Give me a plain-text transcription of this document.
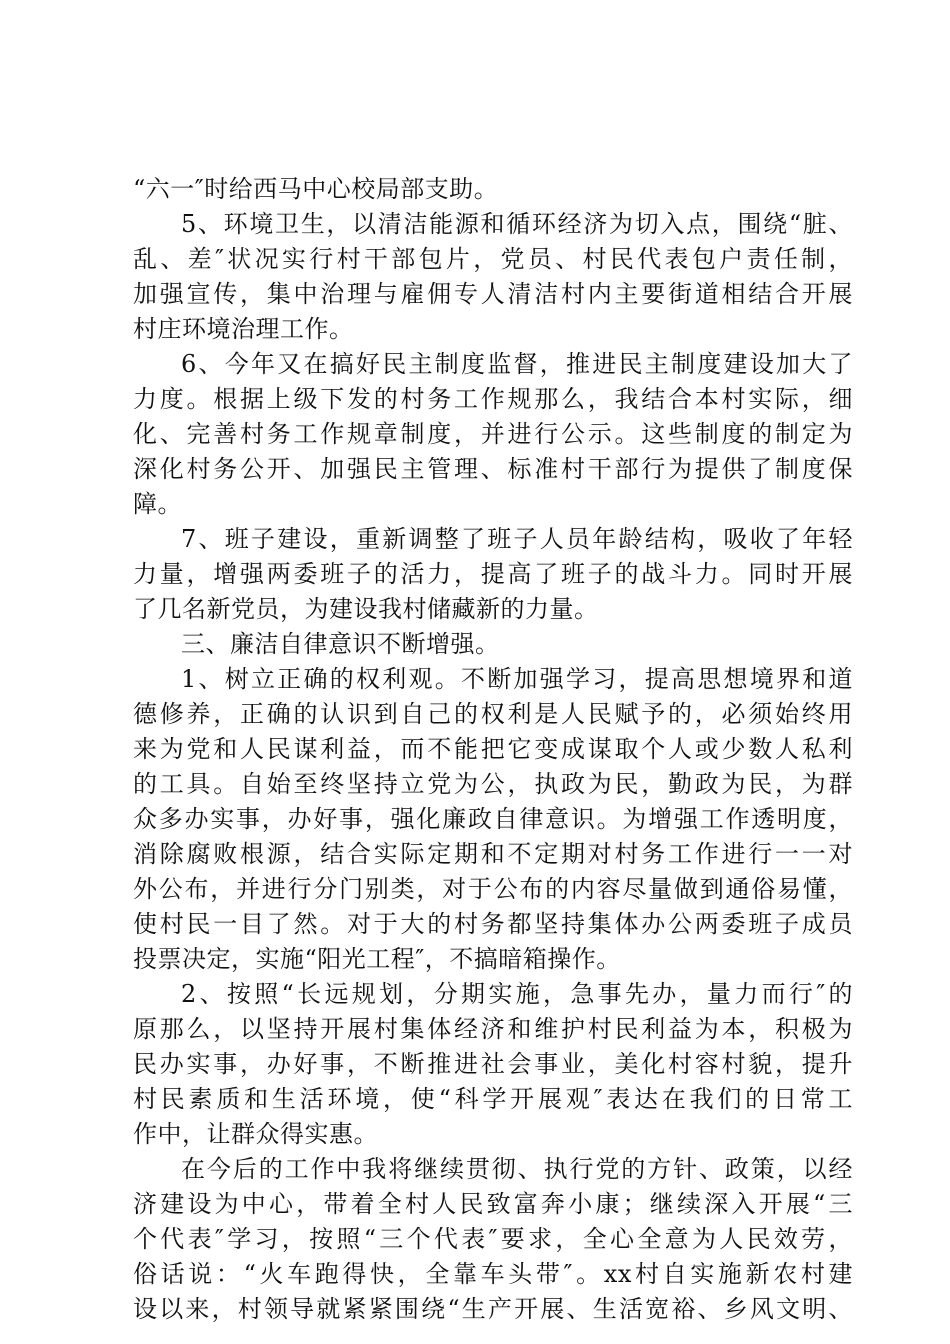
“六一″时给西马中心校局部支助。
5、环境卫生，以清洁能源和循环经济为切入点，围绕“脏、
乱、差″状况实行村干部包片，党员、村民代表包户责任制，
加强宣传，集中治理与雇佣专人清洁村内主要街道相结合开展
村庄环境治理工作。
6、今年又在搞好民主制度监督，推进民主制度建设加大了
力度。根据上级下发的村务工作规那么，我结合本村实际，细
化、完善村务工作规章制度，并进行公示。这些制度的制定为
深化村务公开、加强民主管理、标准村干部行为提供了制度保
障。
7、班子建设，重新调整了班子人员年龄结构，吸收了年轻
力量，增强两委班子的活力，提高了班子的战斗力。同时开展
了几名新党员，为建设我村储藏新的力量。
三、廉洁自律意识不断增强。
1、树立正确的权利观。不断加强学习，提高思想境界和道
德修养，正确的认识到自己的权利是人民赋予的，必须始终用
来为党和人民谋利益，而不能把它变成谋取个人或少数人私利
的工具。自始至终坚持立党为公，执政为民，勤政为民，为群
众多办实事，办好事，强化廉政自律意识。为增强工作透明度，
消除腐败根源，结合实际定期和不定期对村务工作进行一一对
外公布，并进行分门别类，对于公布的内容尽量做到通俗易懂，
使村民一目了然。对于大的村务都坚持集体办公两委班子成员
投票决定，实施“阳光工程″，不搞暗箱操作。
2、按照“长远规划，分期实施，急事先办，量力而行″的
原那么，以坚持开展村集体经济和维护村民利益为本，积极为
民办实事，办好事，不断推进社会事业，美化村容村貌，提升
村民素质和生活环境，使“科学开展观″表达在我们的日常工
作中，让群众得实惠。
在今后的工作中我将继续贯彻、执行党的方针、政策，以经
济建设为中心，带着全村人民致富奔小康；继续深入开展“三
个代表″学习，按照“三个代表″要求，全心全意为人民效劳，
俗话说：“火车跑得快，全靠车头带″。xx村自实施新农村建
设以来，村领导就紧紧围绕“生产开展、生活宽裕、乡风文明、
